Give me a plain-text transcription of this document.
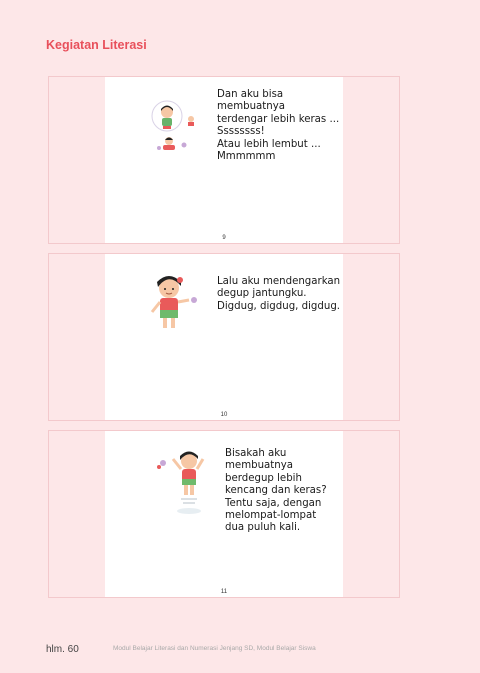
Kegiatan Literasi

Dan aku bisa
membuatnya
terdengar lebih keras ...
Ssssssss!
Atau lebih lembut ...
Mmmmmm

9

Lalu aku mendengarkan
degup jantungku.
Digdug, digdug, digdug.

10

Bisakah aku
membuatnya
berdegup lebih
kencang dan keras?
Tentu saja, dengan
melompat-lompat
dua puluh kali.

11
hlm. 60	Modul Belajar Literasi dan Numerasi Jenjang SD, Modul Belajar Siswa
